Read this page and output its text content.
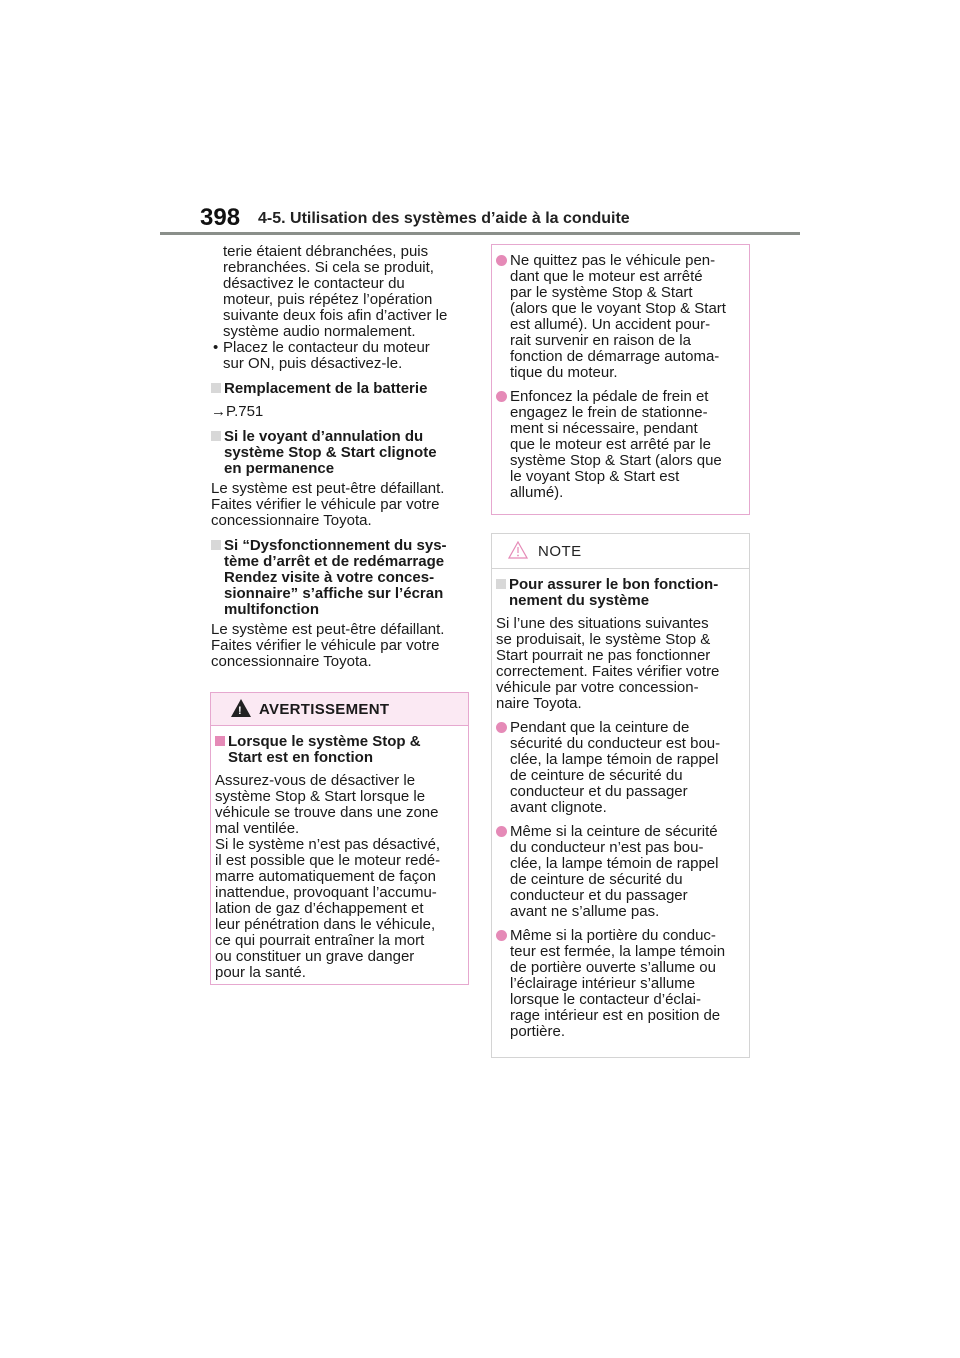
398 4-5. Utilisation des systèmes d’aide à la conduite
terie étaient débranchées, puis
rebranchées. Si cela se produit,
désactivez le contacteur du
moteur, puis répétez l’opération
suivante deux fois afin d’activer le
système audio normalement.
• Placez le contacteur du moteur
sur ON, puis désactivez-le.
Remplacement de la batterie
→P.751
Si le voyant d’annulation du
système Stop & Start clignote
en permanence
Le système est peut-être défaillant.
Faites vérifier le véhicule par votre
concessionnaire Toyota.
Si “Dysfonctionnement du sys-
tème d’arrêt et de redémarrage
Rendez visite à votre conces-
sionnaire” s’affiche sur l’écran
multifonction
Le système est peut-être défaillant.
Faites vérifier le véhicule par votre
concessionnaire Toyota.
! AVERTISSEMENT
Lorsque le système Stop &
Start est en fonction
Assurez-vous de désactiver le
système Stop & Start lorsque le
véhicule se trouve dans une zone
mal ventilée.
Si le système n’est pas désactivé,
il est possible que le moteur redé-
marre automatiquement de façon
inattendue, provoquant l’accumu-
lation de gaz d’échappement et
leur pénétration dans le véhicule,
ce qui pourrait entraîner la mort
ou constituer un grave danger
pour la santé.
Ne quittez pas le véhicule pen-
dant que le moteur est arrêté
par le système Stop & Start
(alors que le voyant Stop & Start
est allumé). Un accident pour-
rait survenir en raison de la
fonction de démarrage automa-
tique du moteur.
Enfoncez la pédale de frein et
engagez le frein de stationne-
ment si nécessaire, pendant
que le moteur est arrêté par le
système Stop & Start (alors que
le voyant Stop & Start est
allumé).
NOTE
Pour assurer le bon fonction-
nement du système
Si l’une des situations suivantes
se produisait, le système Stop &
Start pourrait ne pas fonctionner
correctement. Faites vérifier votre
véhicule par votre concession-
naire Toyota.
Pendant que la ceinture de
sécurité du conducteur est bou-
clée, la lampe témoin de rappel
de ceinture de sécurité du
conducteur et du passager
avant clignote.
Même si la ceinture de sécurité
du conducteur n’est pas bou-
clée, la lampe témoin de rappel
de ceinture de sécurité du
conducteur et du passager
avant ne s’allume pas.
Même si la portière du conduc-
teur est fermée, la lampe témoin
de portière ouverte s’allume ou
l’éclairage intérieur s’allume
lorsque le contacteur d’éclai-
rage intérieur est en position de
portière.
